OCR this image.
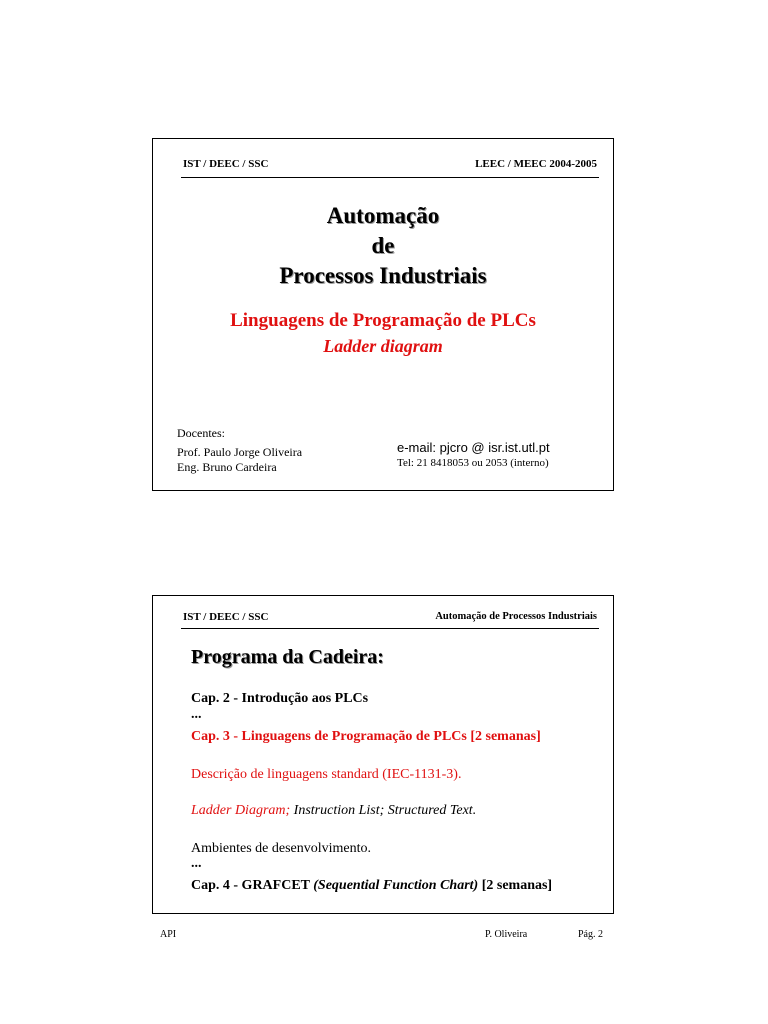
IST / DEEC / SSC	LEEC / MEEC 2004-2005
Automação
de
Processos Industriais
Linguagens de Programação de PLCs
Ladder diagram
Docentes:
Prof. Paulo Jorge Oliveira
Eng. Bruno Cardeira
e-mail: pjcro @ isr.ist.utl.pt
Tel: 21 8418053 ou 2053 (interno)
IST / DEEC / SSC	Automação de Processos Industriais
Programa da Cadeira:
Cap. 2 - Introdução aos PLCs
...
Cap. 3 - Linguagens de Programação de PLCs [2 semanas]
Descrição de linguagens standard (IEC-1131-3).
Ladder Diagram; Instruction List; Structured Text.
Ambientes de desenvolvimento.
...
Cap. 4 - GRAFCET (Sequential Function Chart) [2 semanas]
API	P. Oliveira	Pág. 2
